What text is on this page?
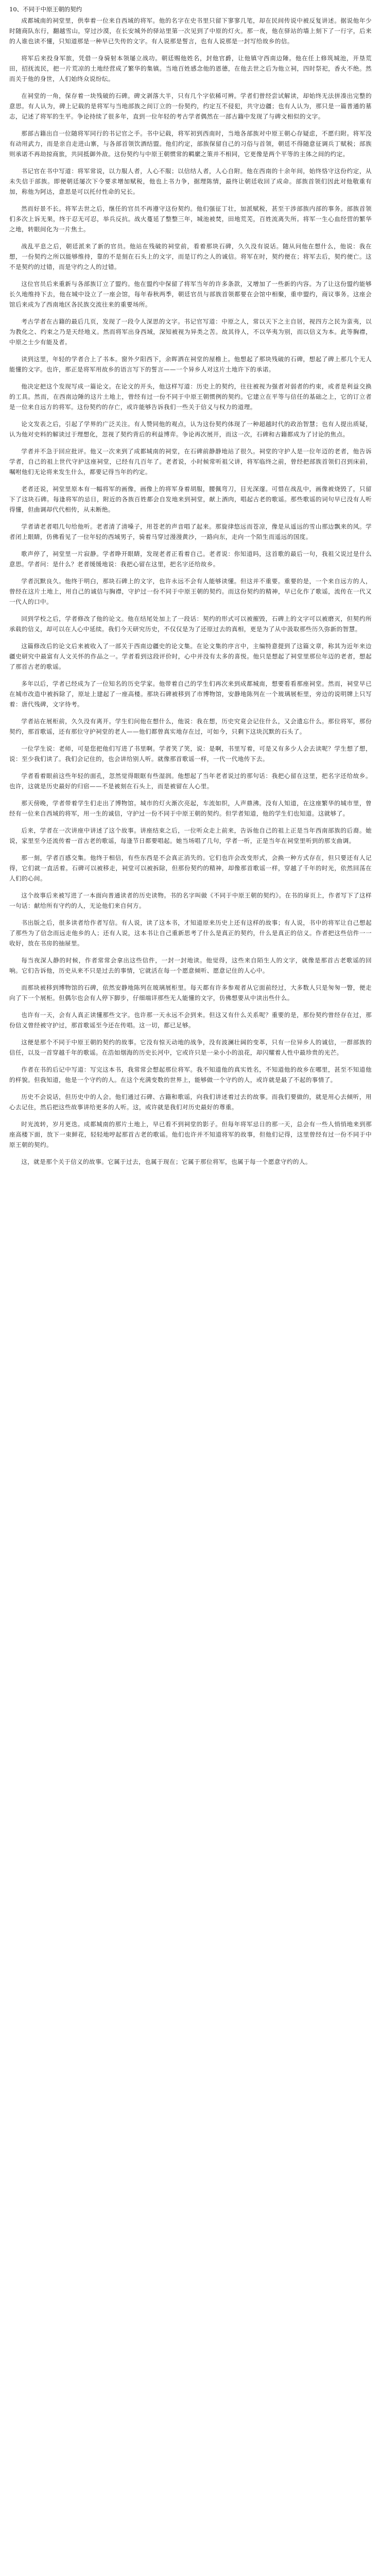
10、不同于中原王朝的契约
成都城南的祠堂里，供奉着一位来自西域的将军。他的名字在史书里只留下寥寥几笔，却在民间传说中被反复讲述。据说他年少时随商队东行，翻越雪山，穿过沙漠，在长安城外的驿站里第一次见到了中原的灯火。那一夜，他在驿站的墙上刻下了一行字，后来的人谁也读不懂，只知道那是一种早已失传的文字。有人说那是誓言，也有人说那是一封写给故乡的信。
将军后来投身军旅，凭借一身骑射本领屡立战功。朝廷赐他姓名，封他官爵，让他镇守西南边陲。他在任上修筑城池，开垦荒田，招抚流民，把一片荒凉的土地经营成了繁华的集镇。当地百姓感念他的恩德，在他去世之后为他立祠，四时祭祀，香火不绝。然而关于他的身世，人们始终众说纷纭。
在祠堂的一角，保存着一块残破的石碑。碑文剥落大半，只有几个字依稀可辨。学者们曾经尝试解读，却始终无法拼凑出完整的意思。有人认为，碑上记载的是将军与当地部族之间订立的一份契约，约定互不侵犯，共守边疆；也有人认为，那只是一篇普通的墓志，记述了将军的生平。争论持续了很多年，直到一位年轻的考古学者偶然在一部古籍中发现了与碑文相似的文字。
那部古籍出自一位随将军同行的书记官之手。书中记载，将军初到西南时，当地各部族对中原王朝心存疑虑，不愿归附。将军没有动用武力，而是亲自走进山寨，与各部首领饮酒结盟。他们约定，部族保留自己的习俗与首领，朝廷不得随意征调兵丁赋税；部族则承诺不再劫掠商旅，共同抵御外敌。这份契约与中原王朝惯常的羁縻之策并不相同，它更像是两个平等的主体之间的约定。
书记官在书中写道：将军常说，以力服人者，人心不服；以信结人者，人心自附。他在西南的十余年间，始终恪守这份约定，从未失信于部族。即便朝廷屡次下令要求增加赋税，他也上书力争，据理陈情，最终让朝廷收回了成命。部族首领们因此对他敬重有加，称他为阿达，意思是可以托付性命的兄长。
然而好景不长。将军去世之后，继任的官员不再遵守这份契约。他们强征丁壮，加派赋税，甚至干涉部族内部的事务。部族首领们多次上诉无果，终于忍无可忍，举兵反抗。战火蔓延了整整三年，城池被焚，田地荒芜，百姓流离失所。将军一生心血经营的繁华之地，转眼间化为一片焦土。
战乱平息之后，朝廷派来了新的官员。他站在残破的祠堂前，看着那块石碑，久久没有说话。随从问他在想什么，他说：我在想，一份契约之所以能够维持，靠的不是刻在石头上的文字，而是订约之人的诚信。将军在时，契约便在；将军去后，契约便亡。这不是契约的过错，而是守约之人的过错。
这位官员后来重新与各部族订立了盟约。他在盟约中保留了将军当年的许多条款，又增加了一些新的内容。为了让这份盟约能够长久地维持下去，他在城中设立了一座会馆，每年春秋两季，朝廷官员与部族首领都要在会馆中相聚，重申盟约，商议事务。这座会馆后来成为了西南地区各民族交流往来的重要场所。
考古学者在古籍的最后几页，发现了一段令人深思的文字。书记官写道：中原之人，常以天下之主自居，视四方之民为蛮夷，以为教化之、约束之乃是天经地义。然而将军出身西域，深知被视为异类之苦。故其待人，不以华夷为别，而以信义为本。此等胸襟，中原之士少有能及者。
读到这里，年轻的学者合上了书本。窗外夕阳西下，余晖洒在祠堂的屋檐上。他想起了那块残破的石碑，想起了碑上那几个无人能懂的文字。也许，那正是将军用故乡的语言写下的誓言——一个异乡人对这片土地许下的承诺。
他决定把这个发现写成一篇论文。在论文的开头，他这样写道：历史上的契约，往往被视为强者对弱者的约束，或者是利益交换的工具。然而，在西南边陲的这片土地上，曾经有过一份不同于中原王朝惯例的契约。它建立在平等与信任的基础之上，它的订立者是一位来自远方的将军。这份契约的存亡，或许能够告诉我们一些关于信义与权力的道理。
论文发表之后，引起了学界的广泛关注。有人赞同他的观点，认为这份契约体现了一种超越时代的政治智慧；也有人提出质疑，认为他对史料的解读过于理想化，忽视了契约背后的利益博弈。争论再次展开，而这一次，石碑和古籍都成为了讨论的焦点。
学者并不急于回应批评。他又一次来到了成都城南的祠堂，在石碑前静静地站了很久。祠堂的守护人是一位年迈的老者，他告诉学者，自己的祖上世代守护这座祠堂，已经有几百年了。老者说，小时候常听祖父讲，将军临终之前，曾经把部族首领们召到床前，嘱咐他们无论将来发生什么，都要记得当年的约定。
老者还说，祠堂里原本有一幅将军的画像，画像上的将军身着胡服，腰佩弯刀，目光深邃。可惜在战乱中，画像被烧毁了，只留下了这块石碑。每逢将军的忌日，附近的各族百姓都会自发地来到祠堂，献上酒肉，唱起古老的歌谣。那些歌谣的词句早已没有人听得懂，但曲调却代代相传，从未断绝。
学者请老者唱几句给他听。老者清了清嗓子，用苍老的声音唱了起来。那旋律悠远而苍凉，像是从遥远的雪山那边飘来的风。学者闭上眼睛，仿佛看见了一位年轻的西域男子，骑着马穿过漫漫黄沙，一路向东，走向一个陌生而遥远的国度。
歌声停了，祠堂里一片寂静。学者睁开眼睛，发现老者正看着自己。老者说：你知道吗，这首歌的最后一句，我祖父说过是什么意思。学者问：是什么？老者缓缓地说：我把心留在这里，把名字还给故乡。
学者沉默良久。他终于明白，那块石碑上的文字，也许永远不会有人能够读懂。但这并不重要。重要的是，一个来自远方的人，曾经在这片土地上，用自己的诚信与胸襟，守护过一份不同于中原王朝的契约。而这份契约的精神，早已化作了歌谣，流传在一代又一代人的口中。
回到学校之后，学者修改了他的论文。他在结尾处加上了一段话：契约的形式可以被摧毁，石碑上的文字可以被磨灭，但契约所承载的信义，却可以在人心中延续。我们今天研究历史，不仅仅是为了还原过去的真相，更是为了从中汲取那些历久弥新的智慧。
这篇修改后的论文后来被收入了一部关于西南边疆史的论文集。在论文集的序言中，主编特意提到了这篇文章，称其为近年来边疆史研究中最富有人文关怀的作品之一。学者看到这段评价时，心中并没有太多的喜悦。他只是想起了祠堂里那位年迈的老者，想起了那首古老的歌谣。
多年以后，学者已经成为了一位知名的历史学家。他带着自己的学生们再次来到成都城南，想要看看那座祠堂。然而，祠堂早已在城市改造中被拆除了，原址上建起了一座高楼。那块石碑被移到了市博物馆，安静地陈列在一个玻璃展柜里，旁边的说明牌上只写着：唐代残碑，文字待考。
学者站在展柜前，久久没有离开。学生们问他在想什么，他说：我在想，历史究竟会记住什么，又会遗忘什么。那位将军，那份契约，那首歌谣，还有那位守护祠堂的老人——他们都曾真实地存在过，可如今，只剩下这块沉默的石头了。
一位学生说：老师，可是您把他们写进了书里啊。学者笑了笑，说：是啊，书里写着，可是又有多少人会去读呢？学生想了想，说：至少我们读了。我们会记住的，也会讲给别人听。就像那首歌谣一样，一代一代地传下去。
学者看着眼前这些年轻的面孔，忽然觉得眼眶有些湿润。他想起了当年老者说过的那句话：我把心留在这里，把名字还给故乡。也许，这就是历史最好的归宿——不是被刻在石头上，而是被留在人心里。
那天傍晚，学者带着学生们走出了博物馆。城市的灯火渐次亮起，车流如织，人声鼎沸。没有人知道，在这座繁华的城市里，曾经有一位来自西域的将军，用一生的诚信，守护过一份不同于中原王朝的契约。但学者知道，他的学生们也知道。这就够了。
后来，学者在一次讲座中讲述了这个故事。讲座结束之后，一位听众走上前来，告诉他自己的祖上正是当年西南部族的后裔。她说，家里至今还流传着一首古老的歌谣，每逢节日都要唱起。她当场唱了几句，学者一听，正是当年在祠堂里听到的那支曲调。
那一刻，学者百感交集。他终于相信，有些东西是不会真正消失的。它们也许会改变形式，会换一种方式存在，但只要还有人记得，它们就一直活着。石碑可以被移走，祠堂可以被拆除，但那份契约的精神，却像那首歌谣一样，穿越了千年的时光，依然回荡在人们的心间。
这个故事后来被写进了一本面向普通读者的历史读物。书的名字叫做《不同于中原王朝的契约》。在书的扉页上，作者写下了这样一句话：献给所有守约的人，无论他们来自何方。
书出版之后，很多读者给作者写信。有人说，读了这本书，才知道原来历史上还有这样的故事；有人说，书中的将军让自己想起了那些为了信念而远走他乡的人；还有人说，这本书让自己重新思考了什么是真正的契约，什么是真正的信义。作者把这些信件一一收好，放在书房的抽屉里。
每当夜深人静的时候，作者常常会拿出这些信件，一封一封地读。他觉得，这些来自陌生人的文字，就像是那首古老歌谣的回响。它们告诉他，历史从来不只是过去的事情，它就活在每一个愿意倾听、愿意记住的人心中。
而那块被移到博物馆的石碑，依然安静地陈列在玻璃展柜里。每天都有许多参观者从它面前经过，大多数人只是匆匆一瞥，便走向了下一个展柜。但偶尔也会有人停下脚步，仔细端详那些无人能懂的文字，仿佛想要从中读出些什么。
也许有一天，会有人真正读懂那些文字。也许那一天永远不会到来。但这又有什么关系呢？重要的是，那份契约曾经存在过，那份信义曾经被守护过，那首歌谣至今还在传唱。这一切，都已足够。
这便是那个不同于中原王朝的契约的故事。它没有惊天动地的战争，没有波澜壮阔的变革，只有一位异乡人的诚信，一群部族的信任，以及一首穿越千年的歌谣。在浩如烟海的历史长河中，它或许只是一朵小小的浪花，却闪耀着人性中最珍贵的光芒。
作者在书的后记中写道：写完这本书，我常常会想起那位将军。我不知道他的真实姓名，不知道他的故乡在哪里，甚至不知道他的样貌。但我知道，他是一个守约的人。在这个充满变数的世界上，能够做一个守约的人，或许就是最了不起的事情了。
历史不会说话，但历史中的人会。他们通过石碑、古籍和歌谣，向我们讲述着过去的故事。而我们要做的，就是用心去倾听，用心去记住，然后把这些故事讲给更多的人听。这，或许就是我们对历史最好的尊重。
时光流转，岁月更迭。成都城南的那片土地上，早已看不到祠堂的影子。但每年将军忌日的那一天，总会有一些人悄悄地来到那座高楼下面，放下一束鲜花，轻轻地哼起那首古老的歌谣。他们也许并不知道将军的故事，但他们记得，这里曾经有过一份不同于中原王朝的契约。
这，就是那个关于信义的故事。它属于过去，也属于现在；它属于那位将军，也属于每一个愿意守约的人。
